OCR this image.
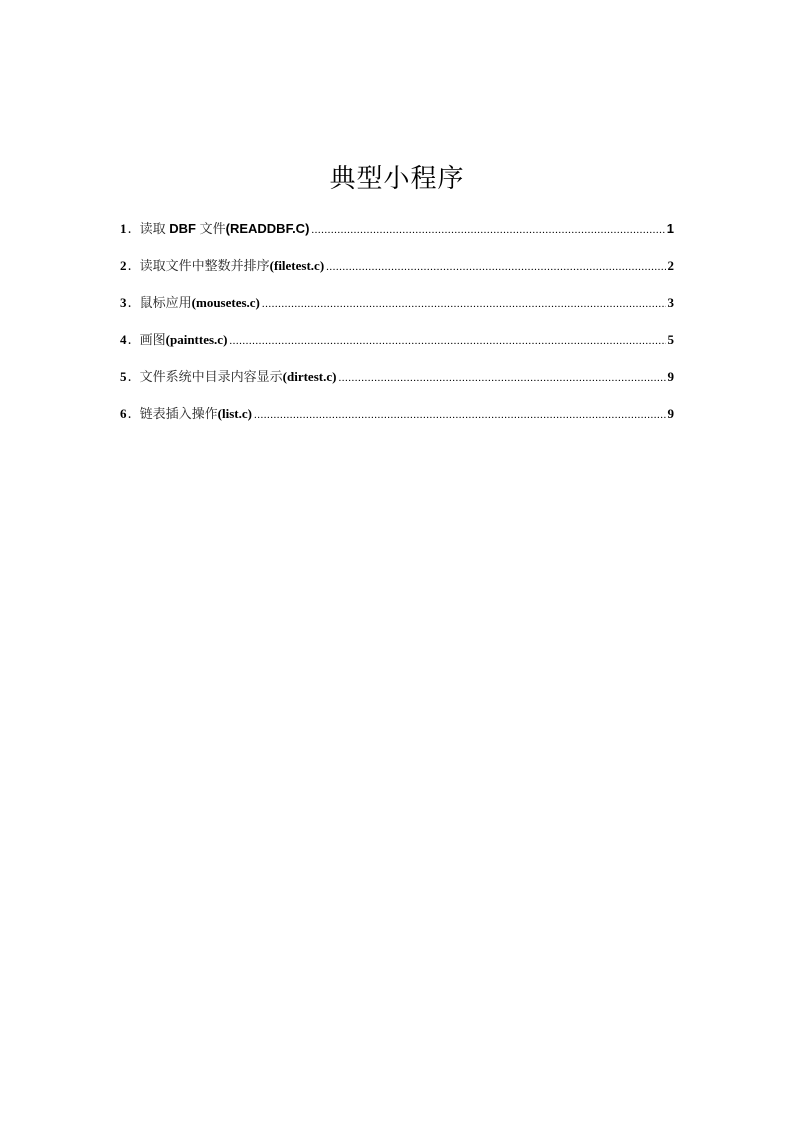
典型小程序
1 . 读取 DBF 文件 (READDBF.C) .....	1
2 . 读取文件中整数并排序 (filetest.c) .....	2
3 . 鼠标应用 (mousetes.c) .....	3
4 . 画图 (painttes.c) .....	5
5 . 文件系统中目录内容显示 (dirtest.c) .....	9
6 . 链表插入操作 (list.c) .....	9
